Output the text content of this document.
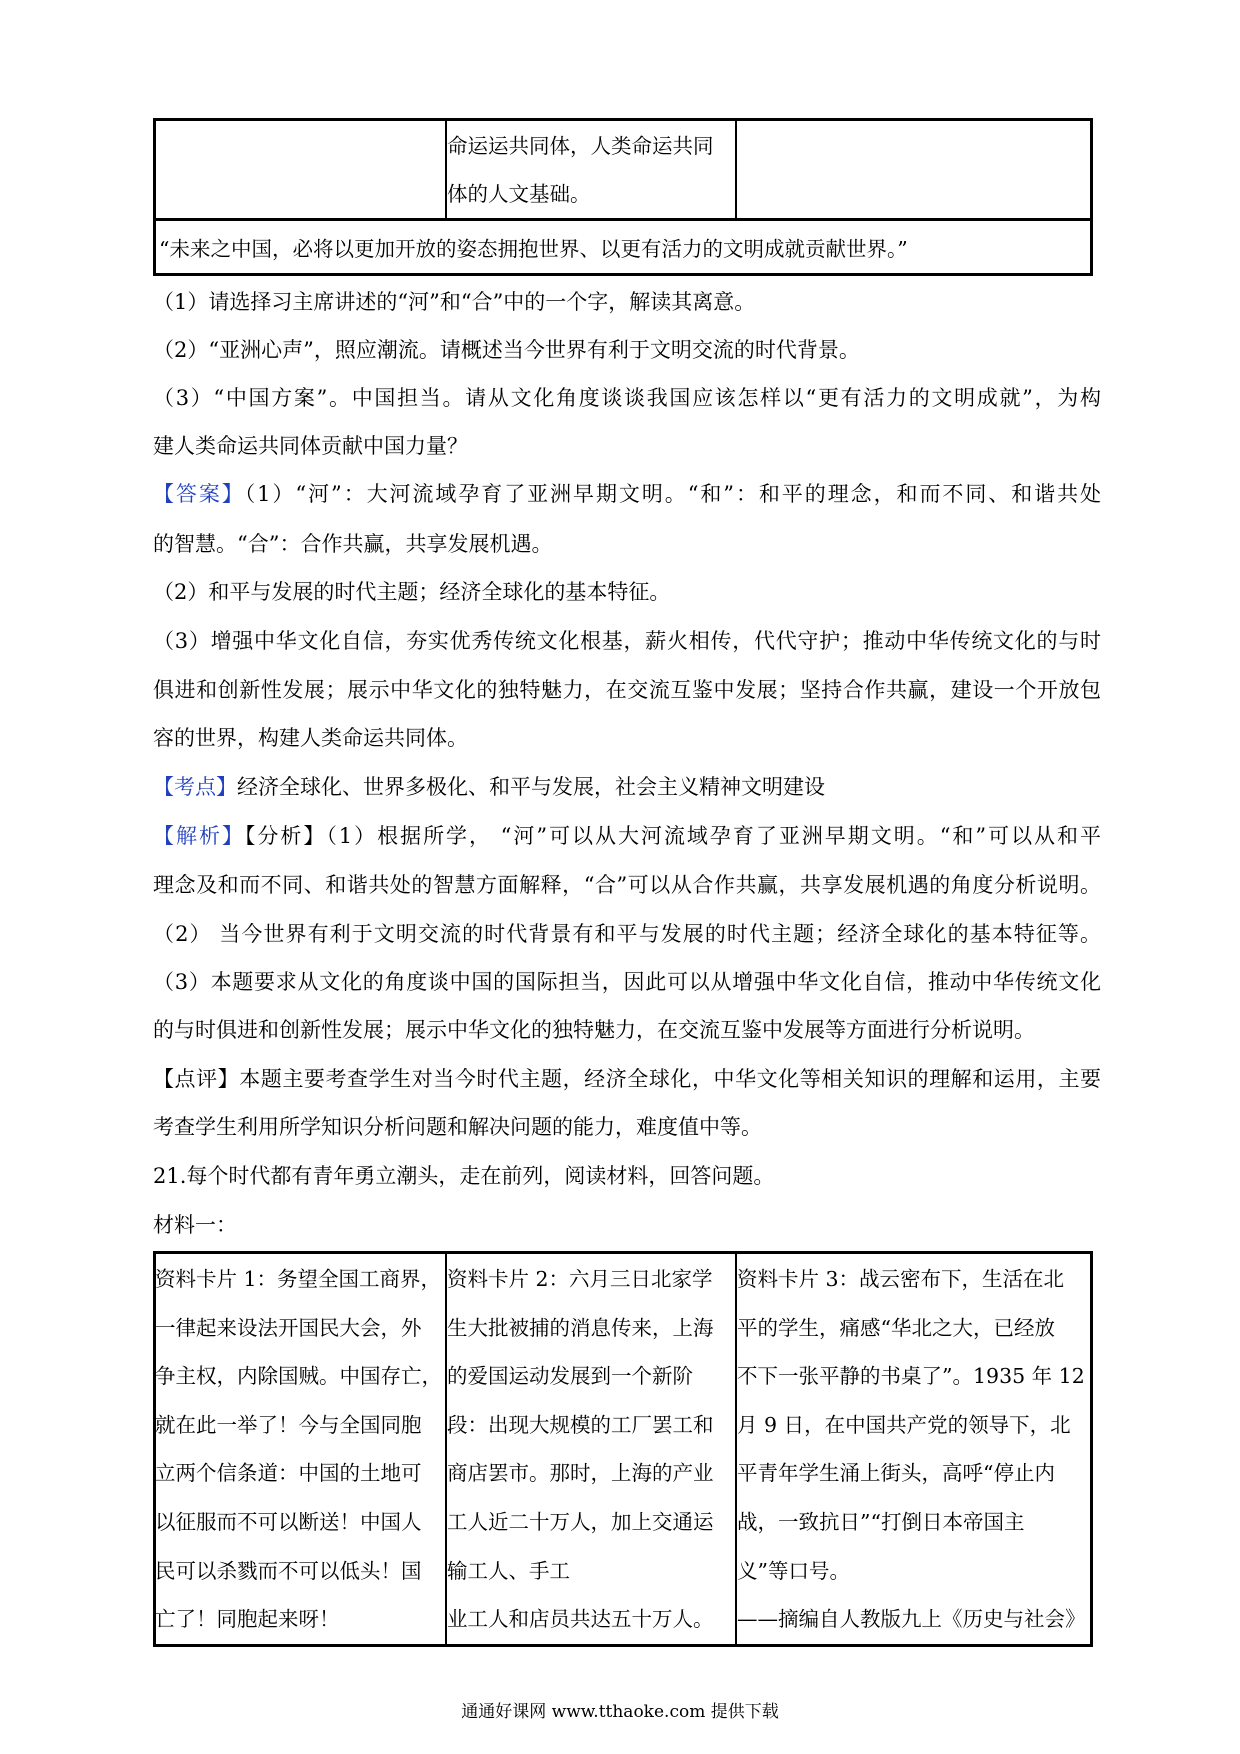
命运运共同体，人类命运共同
体的人文基础。
“未来之中国，必将以更加开放的姿态拥抱世界、以更有活力的文明成就贡献世界。”
（1）请选择习主席讲述的“河”和“合”中的一个字，解读其离意。
（2）“亚洲心声”，照应潮流。请概述当今世界有利于文明交流的时代背景。
（3）“中国方案”。中国担当。请从文化角度谈谈我国应该怎样以“更有活力的文明成就”，为构
建人类命运共同体贡献中国力量？
【答案】（1）“河”：大河流域孕育了亚洲早期文明。“和”：和平的理念，和而不同、和谐共处
的智慧。“合”：合作共赢，共享发展机遇。
（2）和平与发展的时代主题；经济全球化的基本特征。
（3）增强中华文化自信，夯实优秀传统文化根基，薪火相传，代代守护；推动中华传统文化的与时
俱进和创新性发展；展示中华文化的独特魅力，在交流互鉴中发展；坚持合作共赢，建设一个开放包
容的世界，构建人类命运共同体。
【考点】经济全球化、世界多极化、和平与发展，社会主义精神文明建设
【解析】【分析】（1）根据所学， “河”可以从大河流域孕育了亚洲早期文明。“和”可以从和平
理念及和而不同、和谐共处的智慧方面解释，“合”可以从合作共赢，共享发展机遇的角度分析说明。
（2） 当今世界有利于文明交流的时代背景有和平与发展的时代主题；经济全球化的基本特征等。
（3）本题要求从文化的角度谈中国的国际担当，因此可以从增强中华文化自信，推动中华传统文化
的与时俱进和创新性发展；展示中华文化的独特魅力，在交流互鉴中发展等方面进行分析说明。
【点评】本题主要考查学生对当今时代主题，经济全球化，中华文化等相关知识的理解和运用，主要
考查学生利用所学知识分析问题和解决问题的能力，难度值中等。
21.每个时代都有青年勇立潮头，走在前列，阅读材料，回答问题。
材料一：
资料卡片 1：务望全国工商界，
一律起来设法开国民大会，外
争主权，内除国贼。中国存亡，
就在此一举了！今与全国同胞
立两个信条道：中国的土地可
以征服而不可以断送！中国人
民可以杀戮而不可以低头！国
亡了！同胞起来呀！
资料卡片 2：六月三日北家学
生大批被捕的消息传来，上海
的爱国运动发展到一个新阶
段：出现大规模的工厂罢工和
商店罢市。那时，上海的产业
工人近二十万人，加上交通运
输工人、手工
业工人和店员共达五十万人。
资料卡片 3：战云密布下，生活在北
平的学生，痛感“华北之大，已经放
不下一张平静的书桌了”。1935 年 12
月 9 日，在中国共产党的领导下，北
平青年学生涌上街头，高呼“停止内
战，一致抗日”“打倒日本帝国主
义”等口号。
——摘编自人教版九上《历史与社会》
通通好课网 www.tthaoke.com 提供下载
